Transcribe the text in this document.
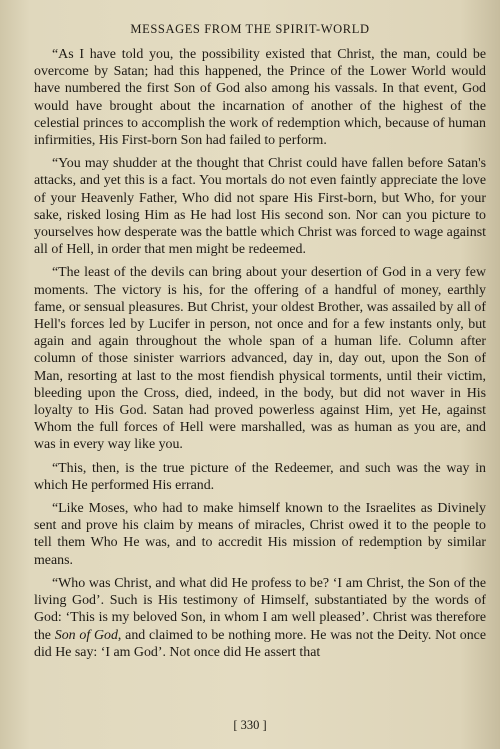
MESSAGES FROM THE SPIRIT-WORLD

“As I have told you, the possibility existed that Christ, the man, could be overcome by Satan; had this happened, the Prince of the Lower World would have numbered the first Son of God also among his vassals. In that event, God would have brought about the incarnation of another of the highest of the celestial princes to accomplish the work of redemption which, because of human infirmities, His First-born Son had failed to perform.

“You may shudder at the thought that Christ could have fallen before Satan's attacks, and yet this is a fact. You mortals do not even faintly appreciate the love of your Heavenly Father, Who did not spare His First-born, but Who, for your sake, risked losing Him as He had lost His second son. Nor can you picture to yourselves how desperate was the battle which Christ was forced to wage against all of Hell, in order that men might be redeemed.

“The least of the devils can bring about your desertion of God in a very few moments. The victory is his, for the offering of a handful of money, earthly fame, or sensual pleasures. But Christ, your oldest Brother, was assailed by all of Hell's forces led by Lucifer in person, not once and for a few instants only, but again and again throughout the whole span of a human life. Column after column of those sinister warriors advanced, day in, day out, upon the Son of Man, resorting at last to the most fiendish physical torments, until their victim, bleeding upon the Cross, died, indeed, in the body, but did not waver in His loyalty to His God. Satan had proved powerless against Him, yet He, against Whom the full forces of Hell were marshalled, was as human as you are, and was in every way like you.

“This, then, is the true picture of the Redeemer, and such was the way in which He performed His errand.

“Like Moses, who had to make himself known to the Israelites as Divinely sent and prove his claim by means of miracles, Christ owed it to the people to tell them Who He was, and to accredit His mission of redemption by similar means.

“Who was Christ, and what did He profess to be? ‘I am Christ, the Son of the living God’. Such is His testimony of Himself, substantiated by the words of God: ‘This is my beloved Son, in whom I am well pleased’. Christ was therefore the Son of God, and claimed to be nothing more. He was not the Deity. Not once did He say: ‘I am God’. Not once did He assert that

[ 330 ]
